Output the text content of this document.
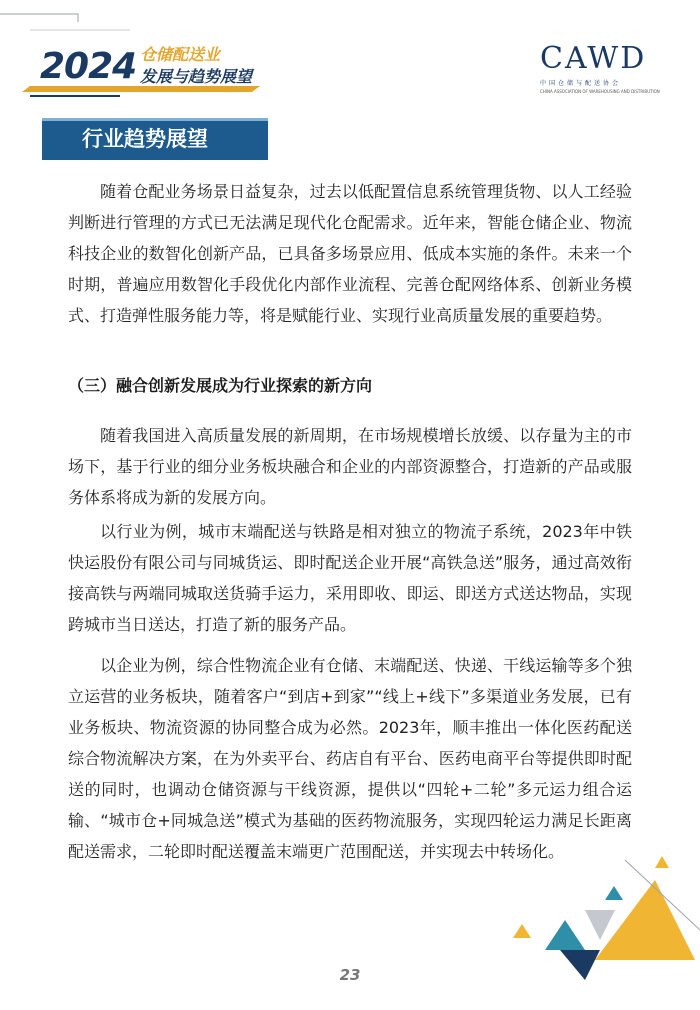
2024 仓储配送业
发展与趋势展望
CAWD
中国仓储与配送协会
CHINA ASSOCIATION OF WAREHOUSING AND DISTRIBUTION
行业趋势展望

随着仓配业务场景日益复杂，过去以低配置信息系统管理货物、以人工经验判断进行管理的方式已无法满足现代化仓配需求。近年来，智能仓储企业、物流科技企业的数智化创新产品，已具备多场景应用、低成本实施的条件。未来一个时期，普遍应用数智化手段优化内部作业流程、完善仓配网络体系、创新业务模式、打造弹性服务能力等，将是赋能行业、实现行业高质量发展的重要趋势。

（三）融合创新发展成为行业探索的新方向

随着我国进入高质量发展的新周期，在市场规模增长放缓、以存量为主的市场下，基于行业的细分业务板块融合和企业的内部资源整合，打造新的产品或服务体系将成为新的发展方向。

以行业为例，城市末端配送与铁路是相对独立的物流子系统，2023年中铁快运股份有限公司与同城货运、即时配送企业开展“高铁急送”服务，通过高效衔接高铁与两端同城取送货骑手运力，采用即收、即运、即送方式送达物品，实现跨城市当日送达，打造了新的服务产品。

以企业为例，综合性物流企业有仓储、末端配送、快递、干线运输等多个独立运营的业务板块，随着客户“到店+到家”“线上+线下”多渠道业务发展，已有业务板块、物流资源的协同整合成为必然。2023年，顺丰推出一体化医药配送综合物流解决方案，在为外卖平台、药店自有平台、医药电商平台等提供即时配送的同时，也调动仓储资源与干线资源，提供以“四轮+二轮”多元运力组合运输、“城市仓+同城急送”模式为基础的医药物流服务，实现四轮运力满足长距离配送需求，二轮即时配送覆盖末端更广范围配送，并实现去中转场化。

23
